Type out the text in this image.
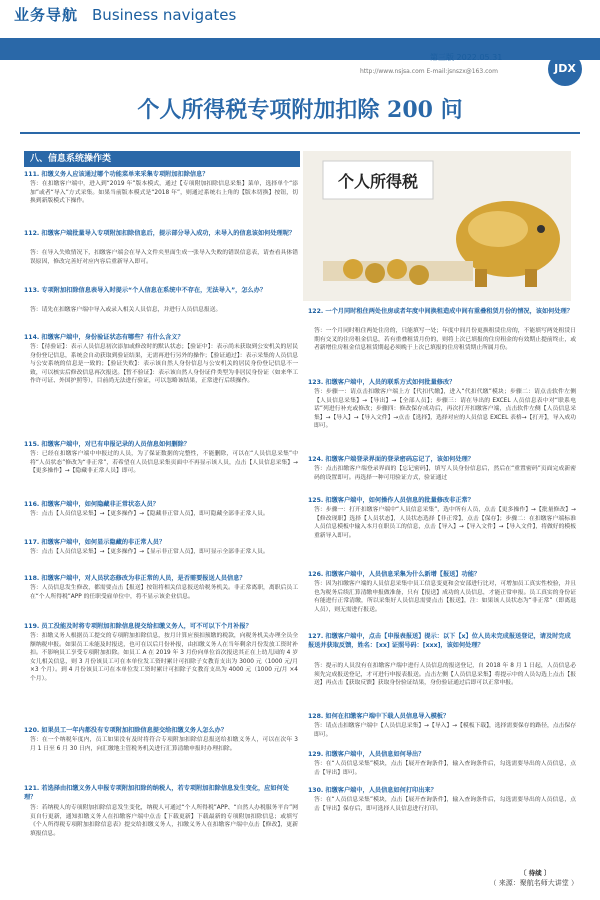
业务导航 Business navigates
第三版 2022.05.31
http://www.nsjsa.com E-mail:jsnszx@163.com	JDX
个人所得税专项附加扣除 200 问
八、信息系统操作类
个人所得税
111. 扣缴义务人应该通过哪个功能菜单来采集专项附加扣除信息？
答：在扣缴客户端中，进入到“2019 年”版本模式，通过【专项附加扣除信息采集】菜单，选择单个“添加”或者“导入”方式采集。如果当前版本模式是“2018 年”，则通过系统右上角的【版本切换】按钮，切换到新版模式下操作。
112. 扣缴客户端批量导入专项附加扣除信息后，提示部分导入成功，未导入的信息该如何处理呢？
答：在导入失败情况下，扣缴客户端会在导入文件夹里面生成一张导入失败的错误信息表，请查看具体错误原因，修改完善好对应内容后重新导入即可。
113. 专项附加扣除信息表导入时提示“个人信息在系统中不存在，无法导入”，怎么办？
答：请先在扣缴客户端中导入或录入相关人员信息，并进行人员信息报送。
114. 扣缴客户端中，身份验证状态有哪些？有什么含义？
答：【待验证】：表示人员信息初次添加或修改时的默认状态；【验证中】：表示尚未获取到公安机关的居民身份登记信息，系统会自动获取到验证结果，无需再进行另外的操作；【验证通过】：表示采集的人员信息与公安系统的信息是一致的；【验证失败】：表示该自然人身份信息与公安机关的居民身份登记信息不一致，可以核实后修改信息再次报送。【暂不验证】：表示该自然人身份证件类型为非居民身份证（如来华工作许可证、外国护照等），目前尚无法进行验证，可以忽略该结果，正常进行后续操作。
115. 扣缴客户端中，对已有申报记录的人员信息如何删除？
答：已经在扣缴客户端中申报过的人员，为了保证数据的完整性，不能删除，可以在“人员信息采集”中将“人员状态”修改为“非正常”，若希望在人员信息采集页面中不再显示该人员，点击【人员信息采集】→【更多操作】→【隐藏非正常人员】即可。
116. 扣缴客户端中，如何隐藏非正常状态人员？
答：点击【人员信息采集】→【更多操作】→【隐藏非正常人员】，即可隐藏全部非正常人员。
117. 扣缴客户端中，如何显示隐藏的非正常人员？
答：点击【人员信息采集】→【更多操作】→【显示非正常人员】，即可显示全部非正常人员。
118. 扣缴客户端中，对人员状态修改为非正常的人员，是否需要报送人员信息？
答：人员信息发生修改，都需要点击【报送】按钮将相关信息报送给税务机关。非正常离职，离职后员工在“个人所得税”APP 的任职受雇单位中，将不显示该企业信息。
119. 员工没能及时将专项附加扣除信息提交给扣缴义务人，可不可以下个月补报？
答：扣缴义务人根据员工提交的专项附加扣除信息，按月计算应预扣预缴的税款，向税务机关办理全员全额纳税申报。如果员工未能及时报送，也可在以后月份补报，由扣缴义务人在当年剩余月份发放工资时补扣。不影响员工享受专项附加扣除。如员工 A 在 2019 年 3 月份向单位首次报送其正在上幼儿园的 4 岁女儿相关信息，则 3 月份该员工可在本单位发工资时累计可扣除子女教育支出为 3000 元（1000 元/月 ×3 个月）。到 4 月份该员工可在本单位发工资时累计可扣除子女教育支出为 4000 元（1000 元/月 ×4 个月）。
120. 如果员工一年内都没有专项附加扣除信息提交给扣缴义务人怎么办？
答：在一个纳税年度内，员工如果没有及时将符合专项附加扣除信息报送给扣缴义务人，可以在次年 3 月 1 日至 6 月 30 日内，向汇缴地主管税务机关进行汇算清缴申报时办理扣除。
121. 若选择由扣缴义务人申报专项附加扣除的纳税人，若专项附加扣除信息发生变化，应如何处理？
答：若纳税人的专项附加扣除信息发生变化，纳税人可通过“个人所得税”APP、“自然人办税服务平台”网页自行更新，通知扣缴义务人在扣缴客户端中点击【下载更新】下载最新的专项附加扣除信息；或填写《个人所得税专项附加扣除信息表》提交给扣缴义务人，扣缴义务人在扣缴客户端中点击【修改】，更新填报信息。
122. 一个月同时租住两处住房或者年度中间换租造成中间有重叠租赁月份的情况，该如何处理？
答：一个月同时租住两处住房的，只能填写一处；年度中间月份更换租赁住房的，不能填写两处租赁日期有交叉的住房租金信息，若有重叠租赁月份的，则将上次已填报的住房租金的有效期止提前终止，或者新增住房租金信息租赁期起必须晚于上次已填报的住房租赁期止所属月份。
123. 扣缴客户端中，人员的联系方式如何批量修改？
答：步骤一：请点击扣缴客户端上方【代扣代缴】，进入“代扣代缴”模块；步骤二：请点击软件左侧【人员信息采集】→【导出】→【全部人员】；步骤三：请在导出的 EXCEL 人员信息表中对“联系电话”列进行补充或修改；步骤四：修改保存成功后，再次打开扣缴客户端，点击软件左侧【人员信息采集】→【导入】→【导入文件】→点击【选择】，选择对应的人员信息 EXCEL 表格→【打开】，导入成功即可。
124. 扣缴客户端登录界面的登录密码忘记了，该如何处理？
答：点击扣缴客户端登录界面的【忘记密码】，填写人员身份信息后，然后在“重置密码”页面完成新密码的设置即可。再选择一种可用验证方式，验证通过
125. 扣缴客户端中，如何操作人员信息的批量修改非正常？
答：步骤一：打开扣缴客户端中“人员信息采集”，选中所有人员，点击【更多操作】→【批量修改】→【修改现职】选择【人员状态】，人员状态选择【非正常】，点击【保存】；步骤二：在扣缴客户端标准人员信息模板中输入本月在职员工的信息，点击【导入】→【导入文件】→【导入文件】，将做好的模板重新导入即可。
126. 扣缴客户端中，人员信息采集为什么新增【报送】功能？
答：因为扣缴客户端的人员信息采集中员工信息变更和会安部进行比对，可增加员工真实性校验，并且也为税务后续汇算清缴申报做准备，只有【报送】成功的人员信息，才能正常申报。员工真实的身份证有能进行正常清缴，所以采集好人员信息需要点击【报送】，注：如果该人员状态为“非正常”（即离退人员），则无需进行报送。
127. 扣缴客户端中，点击【申报表报送】提示：以下【x】位人员未完成报送登记，请及时完成报送并获取反馈，姓名：[xx] 证照号码：[xxx]，该如何处理？
答：提示的人员没有在扣缴客户端中进行人员信息的报送登记，自 2018 年 8 月 1 日起，人员信息必须先完成报送登记，才可进行申报表报送。点击左侧【人员信息采集】将提示中的人员勾选上点击【报送】再点击【获取反馈】获取身份验证结果，身份验证通过后即可以正常申报。
128. 如何在扣缴客户端中下载人员信息导入模板？
答：请点击扣缴客户端中【人员信息采集】→【导入】→【模板下载】，选择需要保存的路径，点击保存即可。
129. 扣缴客户端中，人员信息如何导出？
答：在“人员信息采集”模块，点击【展开查询条件】，输入查询条件后，勾选需要导出的人员信息，点击【导出】即可。
130. 扣缴客户端中，人员信息如何打印出来？
答：在“人员信息采集”模块，点击【展开查询条件】，输入查询条件后，勾选需要导出的人员信息，点击【导出】保存后，即可选择人员信息进行打印。
〔 待续 〕
（ 来源：聚航名师大讲堂 ）
